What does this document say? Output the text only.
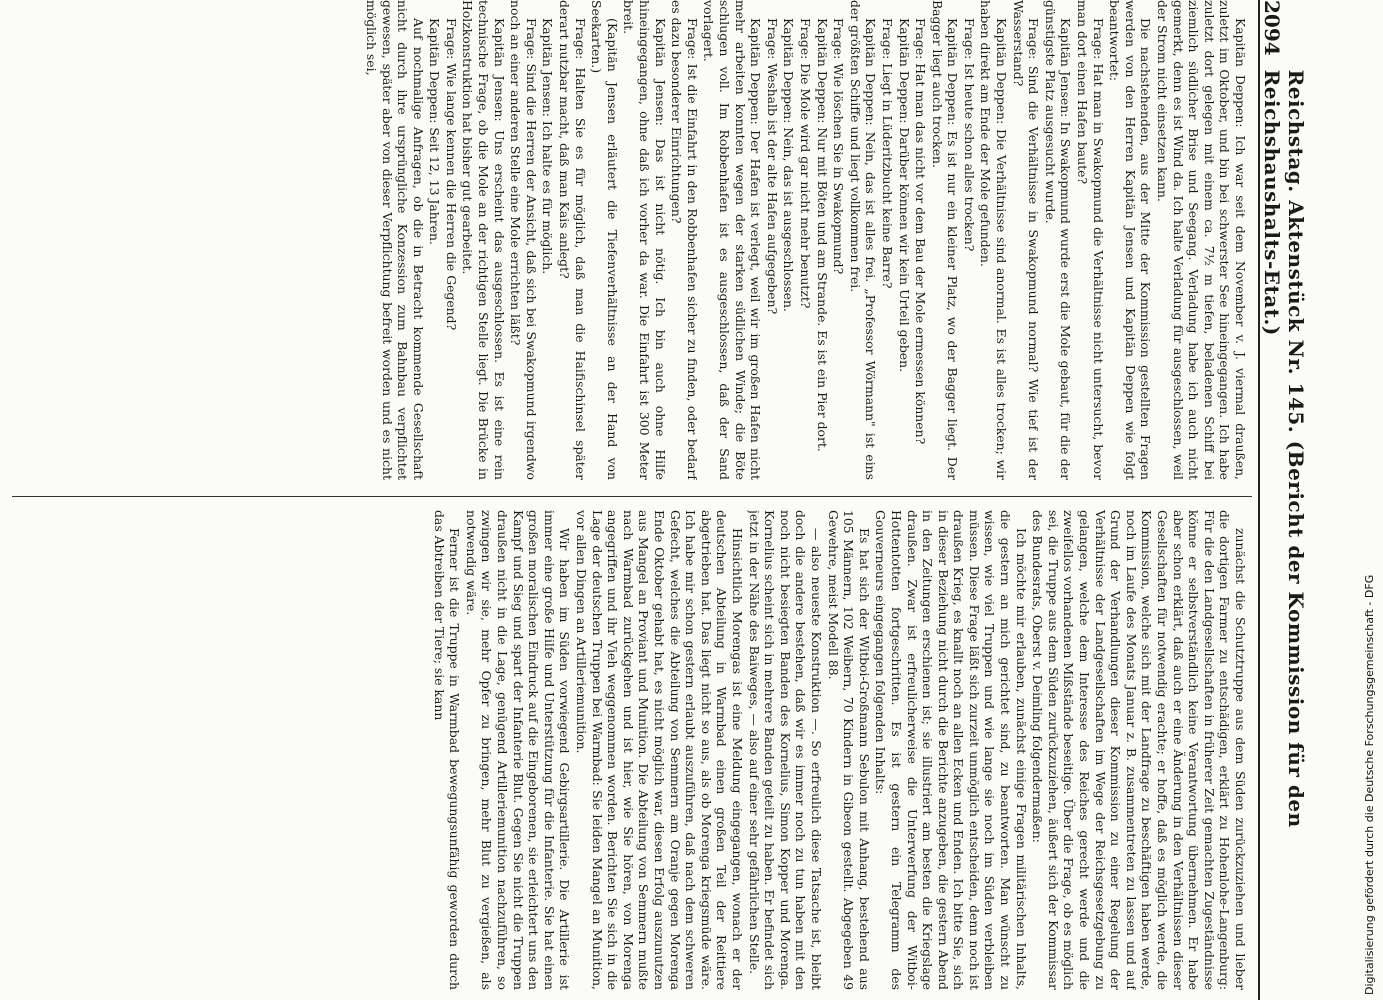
2094
Reichstag. Aktenstück Nr. 145. (Bericht der Kommission für den Reichshaushalts-Etat.)

Kapitän Deppen: Ich war seit dem November v. J. viermal draußen, zuletzt im Oktober, und bin bei schwerster See hineingegangen. Ich habe zuletzt dort gelegen mit einem ca. 7½ m tiefen, beladenen Schiff bei ziemlich südlicher Brise und Seegang. Verladung habe ich auch nicht gemerkt, denn es ist Wind da. Ich halte Verladung für ausgeschlossen, weil der Strom nicht einsetzen kann.

Die nachstehenden, aus der Mitte der Kommission gestellten Fragen werden von den Herren Kapitän Jensen und Kapitän Deppen wie folgt beantwortet:

Frage: Hat man in Swakopmund die Verhältnisse nicht untersucht, bevor man dort einen Hafen baute?

Kapitän Jensen: In Swakopmund wurde erst die Mole gebaut, für die der günstigste Platz ausgesucht wurde.

Frage: Sind die Verhältnisse in Swakopmund normal? Wie tief ist der Wasserstand?

Kapitän Deppen: Die Verhältnisse sind anormal. Es ist alles trocken; wir haben direkt am Ende der Mole gefunden.

Frage: Ist heute schon alles trocken?

Kapitän Deppen: Es ist nur ein kleiner Platz, wo der Bagger liegt. Der Bagger liegt auch trocken.

Frage: Hat man das nicht vor dem Bau der Mole ermessen können?

Kapitän Deppen: Darüber können wir kein Urteil geben.

Frage: Liegt in Lüderitzbucht keine Barre?

Kapitän Deppen: Nein, das ist alles frei. „Professor Wörmann" ist eins der größten Schiffe und liegt vollkommen frei.

Frage: Wie löschen Sie in Swakopmund?

Kapitän Deppen: Nur mit Böten und am Strande. Es ist ein Pier dort.

Frage: Die Mole wird gar nicht mehr benutzt?

Kapitän Deppen: Nein, das ist ausgeschlossen.

Frage: Weshalb ist der alte Hafen aufgegeben?

Kapitän Deppen: Der Hafen ist verlegt, weil wir im großen Hafen nicht mehr arbeiten konnten wegen der starken südlichen Winde; die Böte schlugen voll. Im Robbenhafen ist es ausgeschlossen, daß der Sand vorlagert.

Frage: Ist die Einfahrt in den Robbenhafen sicher zu finden, oder bedarf es dazu besonderer Einrichtungen?

Kapitän Jensen: Das ist nicht nötig. Ich bin auch ohne Hilfe hineingegangen, ohne daß ich vorher da war. Die Einfahrt ist 300 Meter breit.

(Kapitän Jensen erläutert die Tiefenverhältnisse an der Hand von Seekarten.)

Frage: Halten Sie es für möglich, daß man die Haifischinsel später derart nutzbar macht, daß man Kais anlegt?

Kapitän Jensen: Ich halte es für möglich.

Frage: Sind die Herren der Ansicht, daß sich bei Swakopmund irgendwo noch an einer anderen Stelle eine Mole errichten läßt?

Kapitän Jensen: Uns erscheint das ausgeschlossen. Es ist eine rein technische Frage, ob die Mole an der richtigen Stelle liegt. Die Brücke in Holzkonstruktion hat bisher gut gearbeitet.

Frage: Wie lange kennen die Herren die Gegend?

Kapitän Deppen: Seit 12, 13 Jahren.

Auf nochmalige Anfragen, ob die in Betracht kommende Gesellschaft nicht durch ihre ursprüngliche Konzession zum Bahnbau verpflichtet gewesen, später aber von dieser Verpflichtung befreit worden und es nicht möglich sei,

zunächst die Schutztruppe aus dem Süden zurückzuziehen und lieber die dortigen Farmer zu entschädigen, erklärt zu Hohenlohe-Langenburg: Für die den Landgesellschaften in früherer Zeit gemachten Zugeständnisse könne er selbstverständlich keine Verantwortung übernehmen. Er habe aber schon erklärt, daß auch er eine Änderung in den Verhältnissen dieser Gesellschaften für notwendig erachte; er hoffe, daß es möglich werde, die Kommission, welche sich mit der Landfrage zu beschäftigen haben werde, noch im Laufe des Monats Januar z. B. zusammentreten zu lassen und auf Grund der Verhandlungen dieser Kommission zu einer Regelung der Verhältnisse der Landgesellschaften im Wege der Reichsgesetzgebung zu gelangen, welche dem Interesse des Reiches gerecht werde und die zweifellos vorhandenen Mißstände beseitige. Über die Frage, ob es möglich sei, die Truppe aus dem Süden zurückzuziehen, äußert sich der Kommissar des Bundesrats, Oberst v. Deimling folgendermaßen:

Ich möchte mir erlauben, zunächst einige Fragen militärischen Inhalts, die gestern an mich gerichtet sind, zu beantworten. Man wünscht zu wissen, wie viel Truppen und wie lange sie noch im Süden verbleiben müssen. Diese Frage läßt sich zurzeit unmöglich entscheiden, denn noch ist draußen Krieg, es knallt noch an allen Ecken und Enden. Ich bitte Sie, sich in dieser Beziehung nicht durch die Berichte anzugeben, die gestern Abend in den Zeitungen erschienen ist; sie illustriert am besten die Kriegslage draußen. Zwar ist erfreulicherweise die Unterwerfung der Witboi-Hottentotten fortgeschritten. Es ist gestern ein Telegramm des Gouverneurs eingegangen folgenden Inhalts:

Es hat sich der Witboi-Großmann Sebulon mit Anhang, bestehend aus 105 Männern, 102 Weibern, 70 Kindern in Gibeon gestellt. Abgegeben 49 Gewehre, meist Modell 88.

— also neueste Konstruktion —. So erfreulich diese Tatsache ist, bleibt doch die andere bestehen, daß wir es immer noch zu tun haben mit den noch nicht besiegten Banden des Kornelius, Simon Kopper und Morenga. Kornelius scheint sich in mehrere Banden geteilt zu haben. Er befindet sich jetzt in der Nähe des Baiweges, — also auf einer sehr gefährlichen Stelle.

Hinsichtlich Morengas ist eine Meldung eingegangen, wonach er der deutschen Abteilung in Warmbad einen großen Teil der Reittiere abgetrieben hat. Das liegt nicht so aus, als ob Morenga kriegsmüde wäre. Ich habe mir schon gestern erlaubt auszuführen, daß nach dem schweren Gefecht, welches die Abteilung von Semmern am Oranje gegen Morenga Ende Oktober gehabt hat, es nicht möglich war, diesen Erfolg auszunutzen aus Mangel an Proviant und Munition. Die Abteilung von Semmern mußte nach Warmbad zurückgehen und ist hier, wie Sie hören, von Morenga angegriffen und ihr Vieh weggenommen worden. Berichten Sie sich in die Lage der deutschen Truppen bei Warmbad: Sie leiden Mangel an Munition, vor allen Dingen an Artilleriemunition.

Wir haben im Süden vorwiegend Gebirgsartillerie. Die Artillerie ist immer eine große Hilfe und Unterstützung für die Infanterie. Sie hat einen großen moralischen Eindruck auf die Eingeborenen, sie erleichtert uns den Kampf und Sieg und spart der Infanterie Blut. Gegen Sie nicht die Truppen draußen nicht in die Lage, genügend Artilleriemunition nachzuführen, so zwingen wir sie, mehr Opfer zu bringen, mehr Blut zu vergießen, als notwendig wäre.

Ferner ist die Truppe in Warmbad bewegungsunfähig geworden durch das Abtreiben der Tiere; sie kann	Digitalisierung gefördert durch die Deutsche Forschungsgemeinschaft - DFG
